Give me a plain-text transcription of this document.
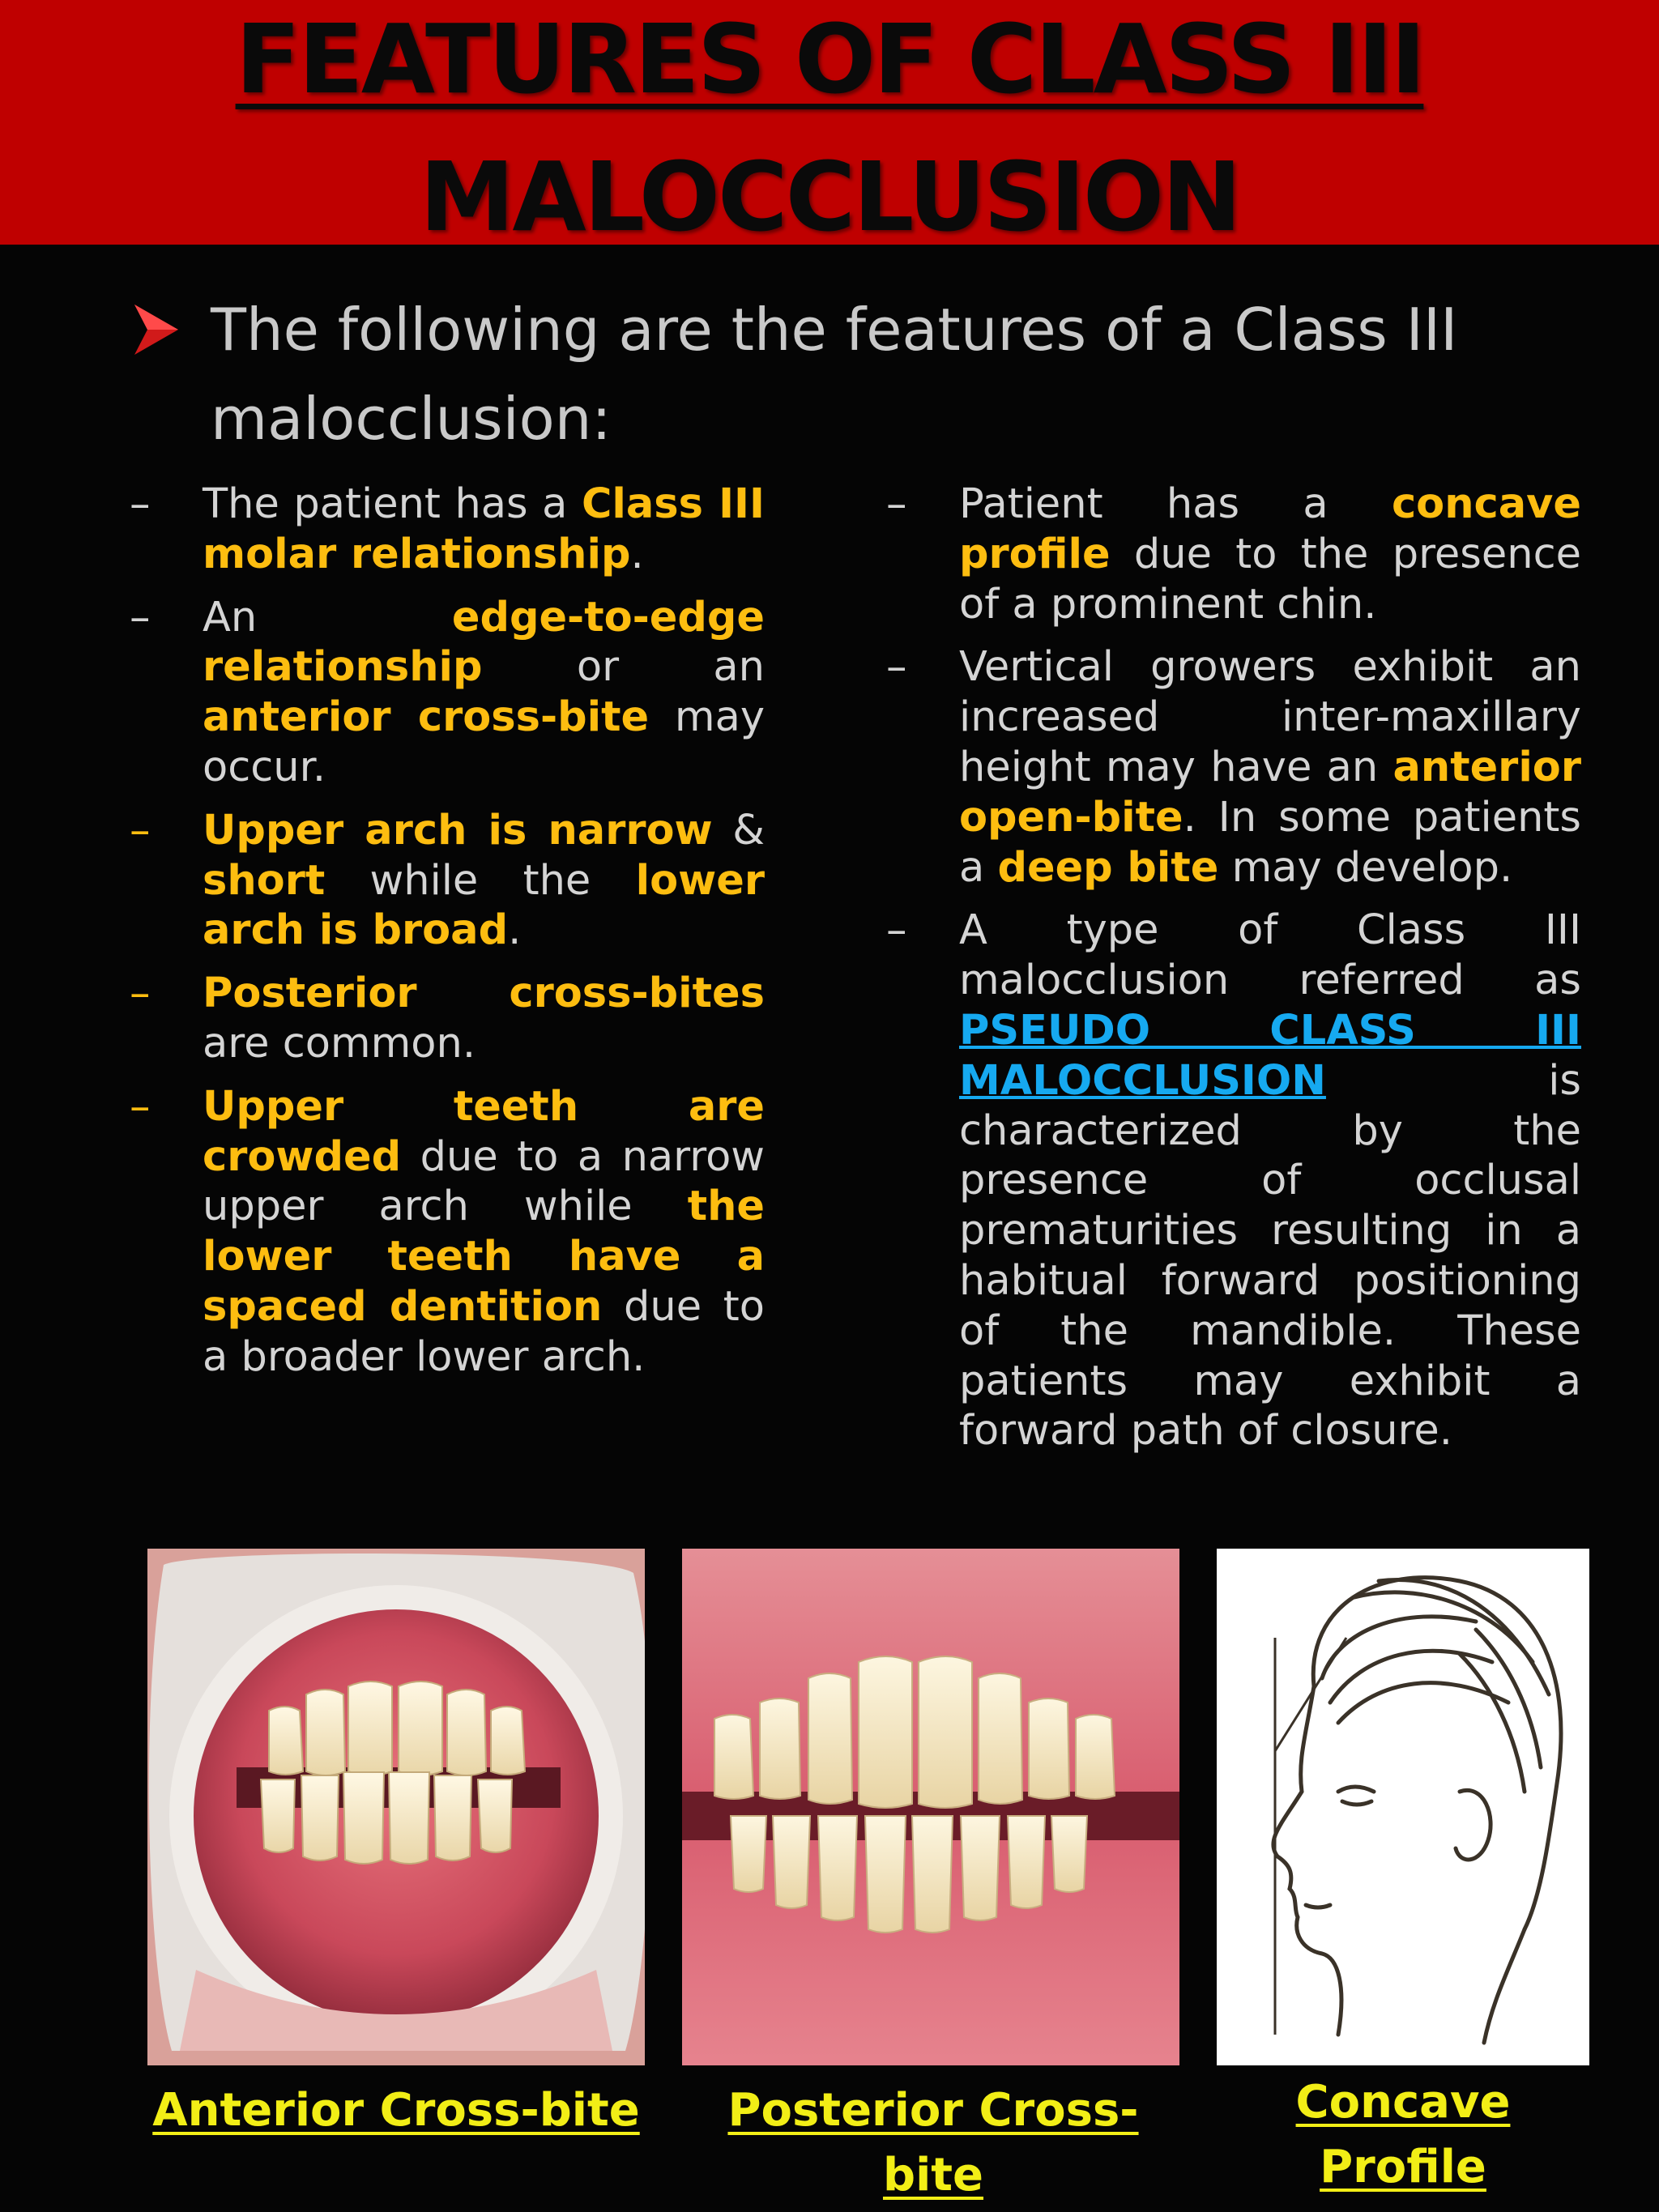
FEATURES OF CLASS III
MALOCCLUSION
The following are the features of a Class III malocclusion:
–	The patient has a Class III molar relationship.
–	An edge-to-edge relationship or an anterior cross-bite may occur.
–	Upper arch is narrow & short while the lower arch is broad.
–	Posterior cross-bites are common.
–	Upper teeth are crowded due to a narrow upper arch while the lower teeth have a spaced dentition due to a broader lower arch.
–	Patient has a concave profile due to the presence of a prominent chin.
–	Vertical growers exhibit an increased inter-maxillary height may have an anterior open-bite. In some patients a deep bite may develop.
–	A type of Class III malocclusion referred as PSEUDO CLASS III MALOCCLUSION is characterized by the presence of occlusal prematurities resulting in a habitual forward positioning of the mandible. These patients may exhibit a forward path of closure.
Anterior Cross-bite	Posterior Cross-bite
Concave Profile
